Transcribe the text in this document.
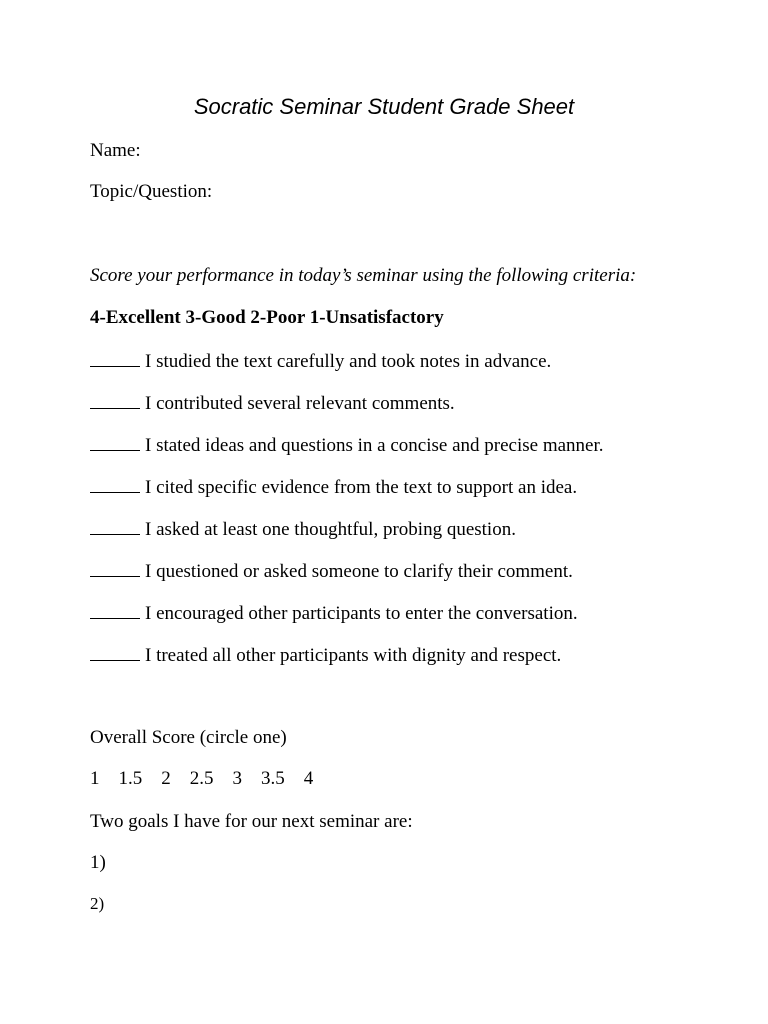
Socratic Seminar Student Grade Sheet
Name:
Topic/Question:
Score your performance in today’s seminar using the following criteria:
4-Excellent 3-Good 2-Poor 1-Unsatisfactory
I studied the text carefully and took notes in advance.
I contributed several relevant comments.
I stated ideas and questions in a concise and precise manner.
I cited specific evidence from the text to support an idea.
I asked at least one thoughtful, probing question.
I questioned or asked someone to clarify their comment.
I encouraged other participants to enter the conversation.
I treated all other participants with dignity and respect.
Overall Score (circle one)
1 1.5 2 2.5 3 3.5 4
Two goals I have for our next seminar are:
1)
2)
